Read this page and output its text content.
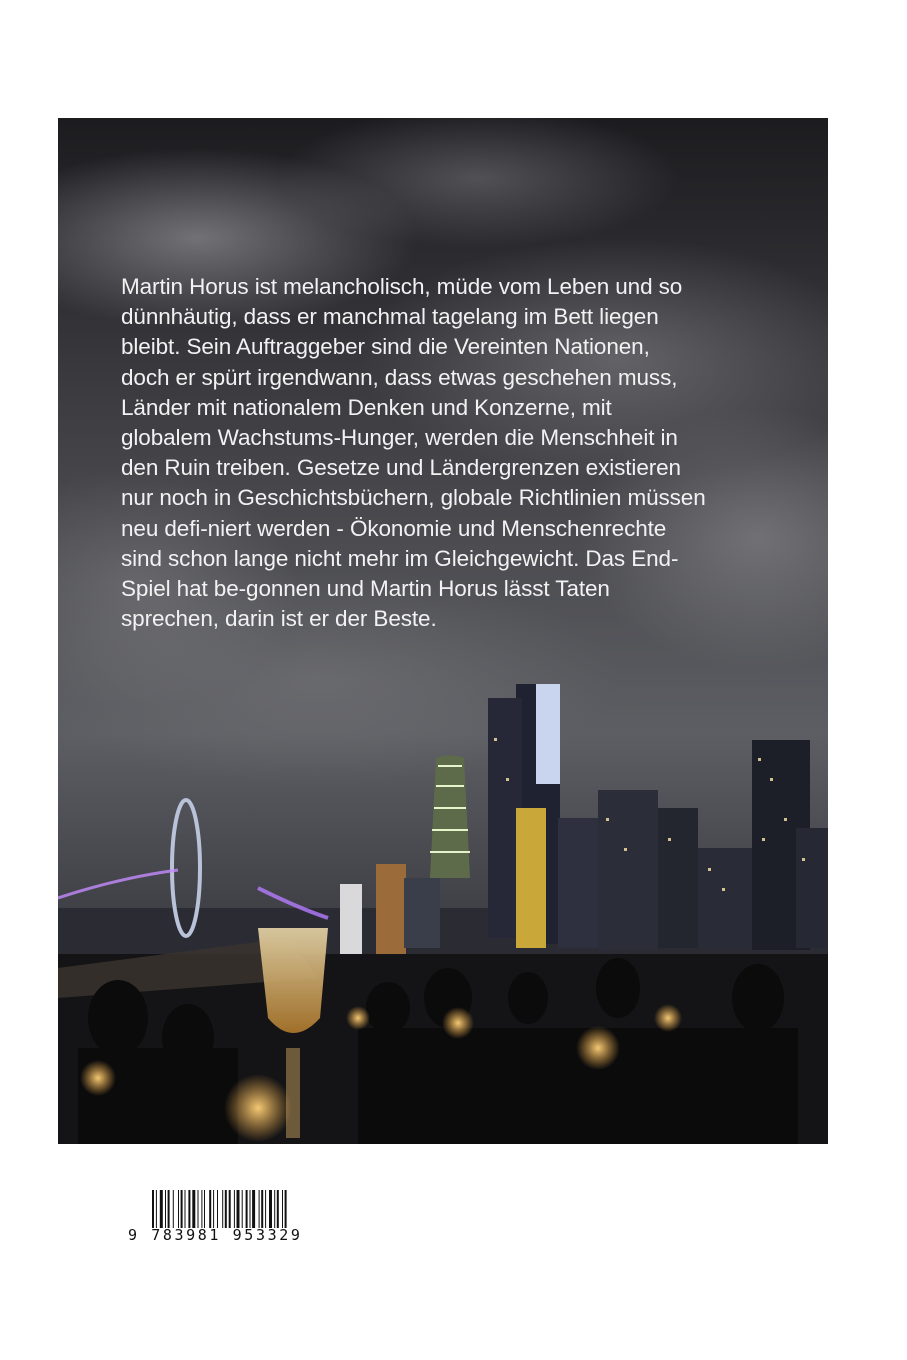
Martin Horus ist melancholisch, müde vom Leben und so
dünnhäutig, dass er manchmal tagelang im Bett liegen
bleibt. Sein Auftraggeber sind die Vereinten Nationen,
doch er spürt irgendwann, dass etwas geschehen muss,
Länder mit nationalem Denken und Konzerne, mit
globalem Wachstums-Hunger, werden die Menschheit in
den Ruin treiben. Gesetze und Ländergrenzen existieren
nur noch in Geschichtsbüchern, globale Richtlinien müssen
neu defi-niert werden - Ökonomie und Menschenrechte
sind schon lange nicht mehr im Gleichgewicht. Das End-
Spiel hat be-gonnen und Martin Horus lässt Taten
sprechen, darin ist er der Beste.
9 783981 953329
